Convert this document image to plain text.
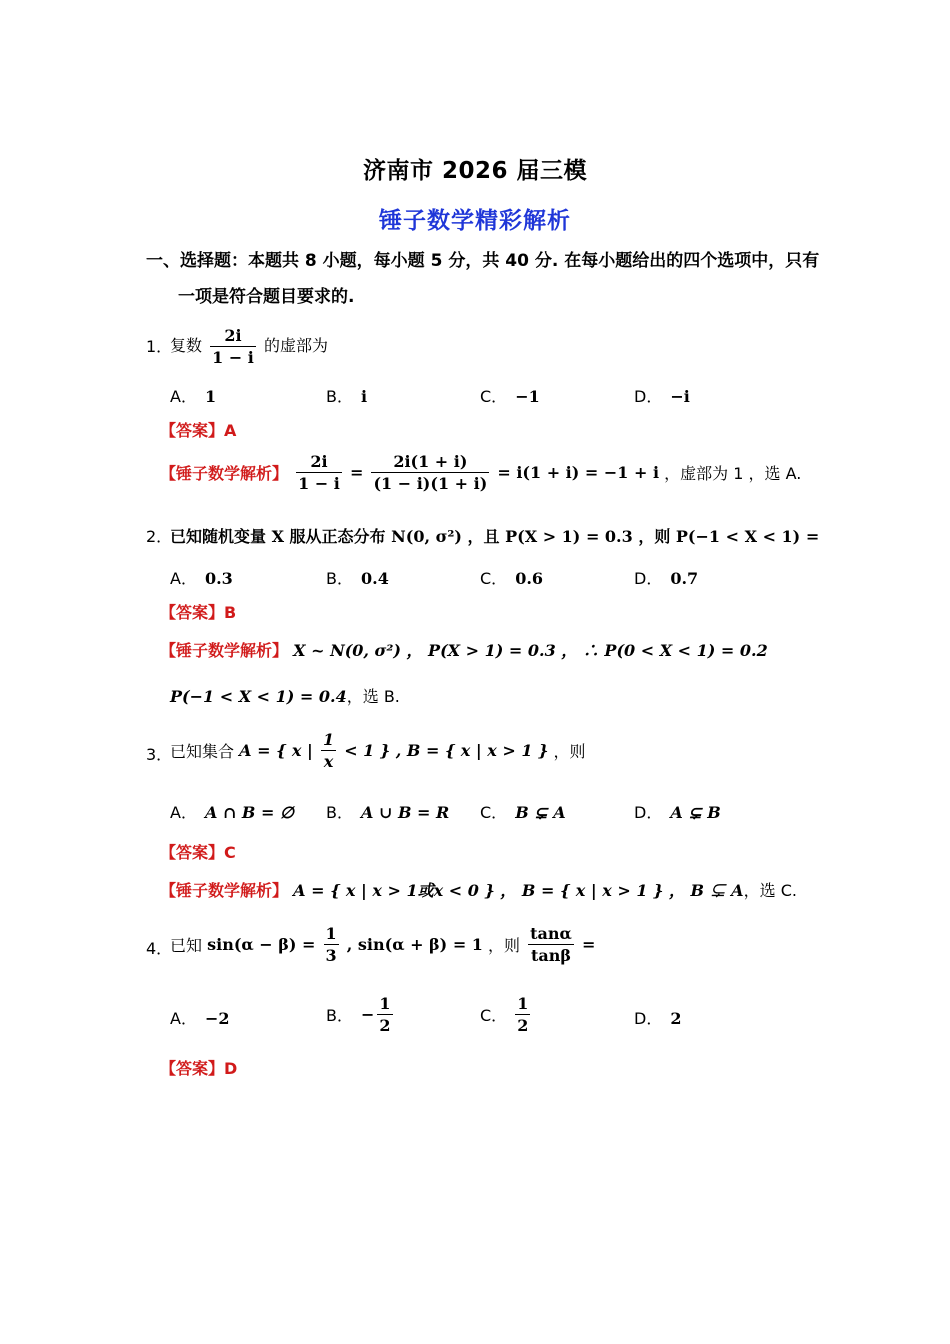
济南市 2026 届三模
锤子数学精彩解析
一、选择题：本题共 8 小题，每小题 5 分，共 40 分. 在每小题给出的四个选项中，只有
一项是符合题目要求的.
1．
复数 $\frac{2i}{1 - i}$ 的虚部为
A． 1	B． i	C． −1	D． −i
【答案】A
【锤子数学解析】 $\frac{2i}{1 - i} = \frac{2i(1 + i)}{(1 - i)(1 + i)} = i(1 + i) = -1 + i$ ，虚部为 1 ，选 A.
2．
已知随机变量 X 服从正态分布 N(0, σ²) ，且 P(X > 1) = 0.3 ，则 P(−1 < X < 1) =
A． 0.3	B． 0.4	C． 0.6	D． 0.7
【答案】B
【锤子数学解析】 X ~ N(0, σ²) ， P(X > 1) = 0.3 ， ∴ P(0 < X < 1) = 0.2
P(−1 < X < 1) = 0.4，选 B.
3．
已知集合 A = { x | $\frac{1}{x} < 1$ } , B = { x | x > 1 } ，则
A． A ∩ B = ∅ B． A ∪ B = R C． B ⊊ A	D． A ⊊ B
【答案】C
【锤子数学解析】 A = { x | x > 1或x < 0 } ， B = { x | x > 1 } ， B ⊊ A，选 C.
4．
已知 $\sin(\alpha - \beta) = \frac{1}{3}$ , sin(α + β) = 1 ，则 $\frac{\tan\alpha}{\tan\beta}$ =
A． −2	B． − $\frac{1}{2}$	C． $\frac{1}{2}$	D． 2
【答案】D
